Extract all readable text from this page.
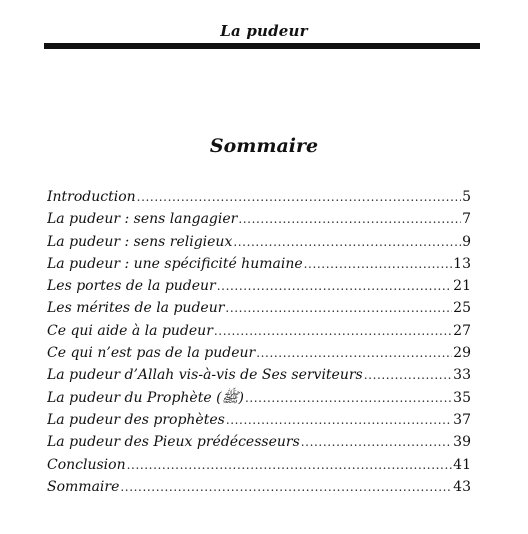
La pudeur
Sommaire
Introduction .....	5
La pudeur : sens langagier .....	7
La pudeur : sens religieux .....	9
La pudeur : une spécificité humaine .....	13
Les portes de la pudeur .....	21
Les mérites de la pudeur .....	25
Ce qui aide à la pudeur .....	27
Ce qui n’est pas de la pudeur .....	29
La pudeur d’Allah vis-à-vis de Ses serviteurs .....	33
La pudeur du Prophète (ﷺ) .....	35
La pudeur des prophètes .....	37
La pudeur des Pieux prédécesseurs .....	39
Conclusion .....	41
Sommaire .....	43
